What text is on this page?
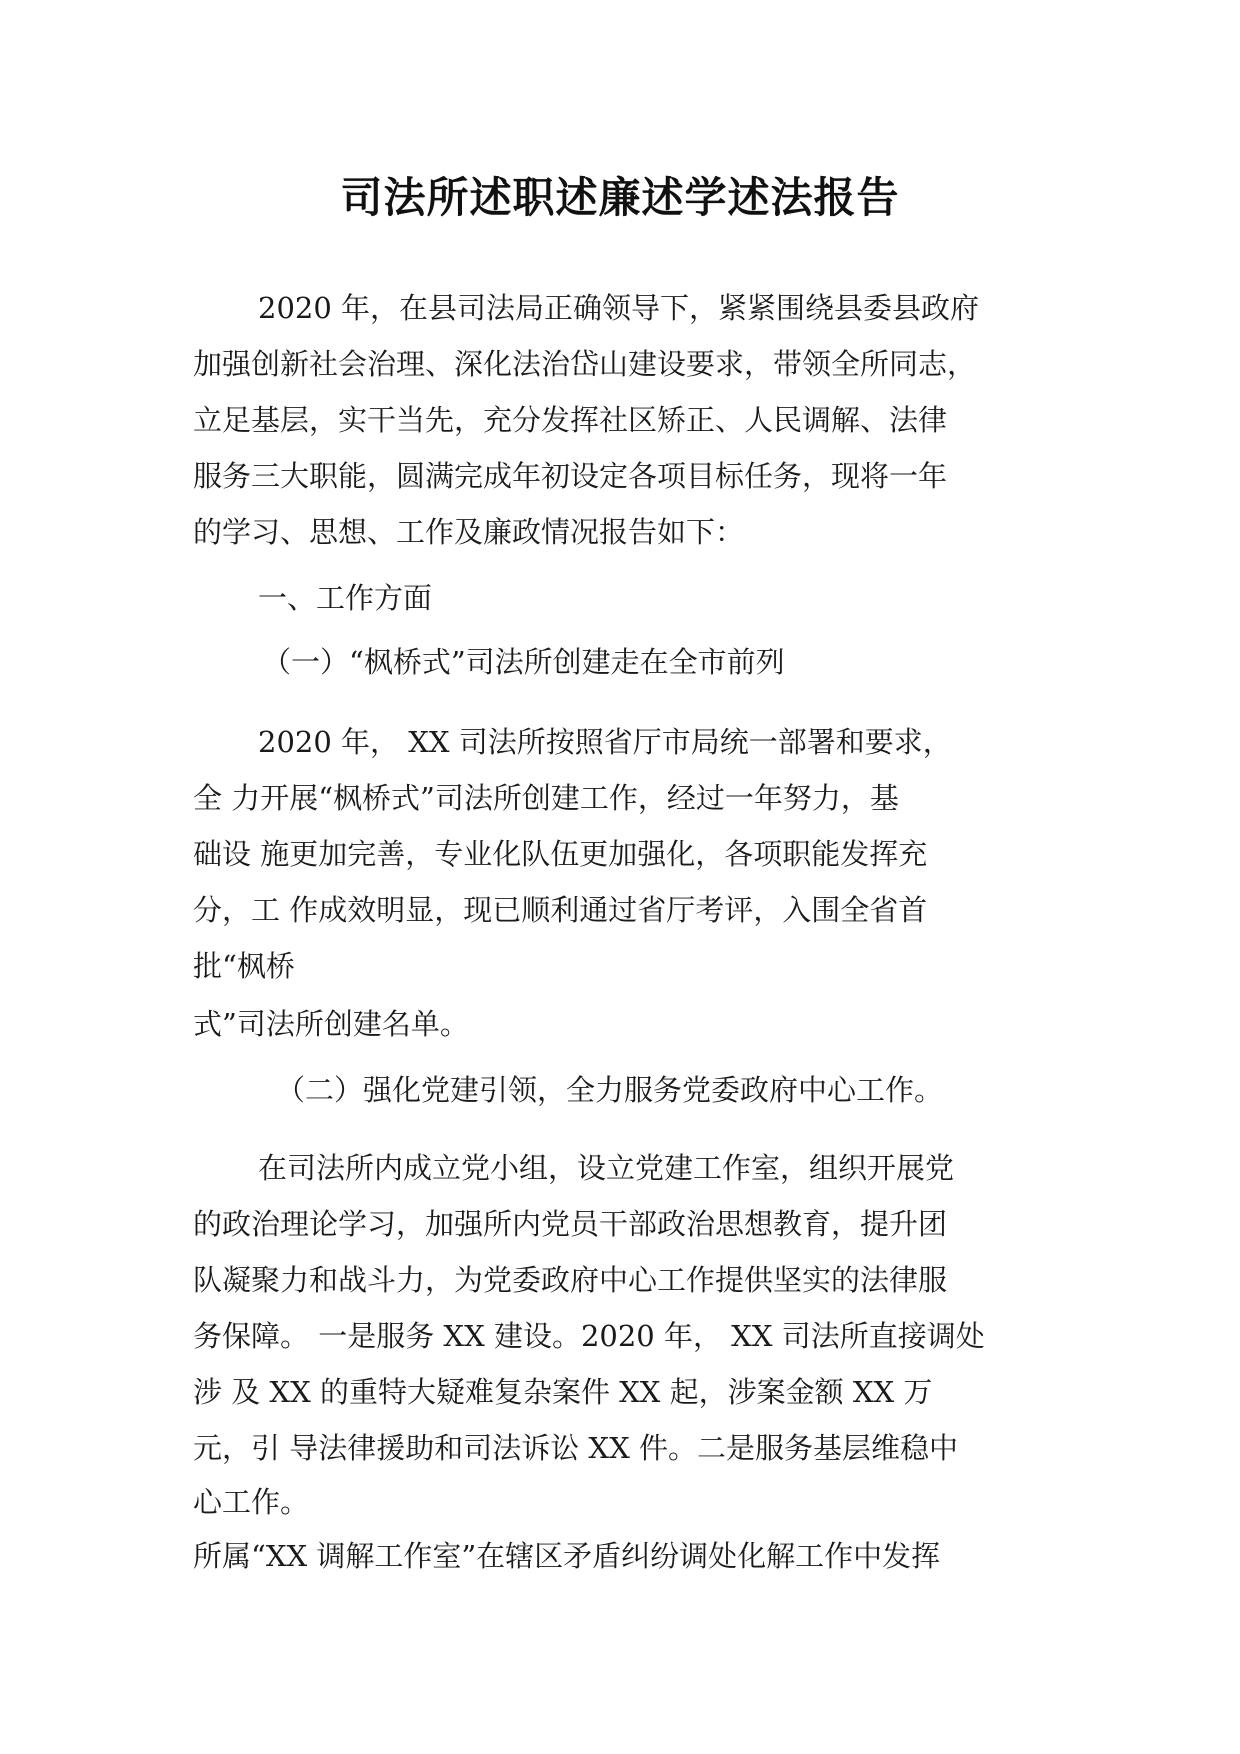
司法所述职述廉述学述法报告
2020 年，在县司法局正确领导下，紧紧围绕县委县政府
加强创新社会治理、深化法治岱山建设要求，带领全所同志，
立足基层，实干当先，充分发挥社区矫正、人民调解、法律
服务三大职能，圆满完成年初设定各项目标任务，现将一年
的学习、思想、工作及廉政情况报告如下：
一、工作方面
（一）“枫桥式”司法所创建走在全市前列
2020 年， XX 司法所按照省厅市局统一部署和要求，
全 力开展“枫桥式”司法所创建工作，经过一年努力，基
础设 施更加完善，专业化队伍更加强化，各项职能发挥充
分，工 作成效明显，现已顺利通过省厅考评，入围全省首
批“枫桥
式”司法所创建名单。
（二）强化党建引领，全力服务党委政府中心工作。
在司法所内成立党小组，设立党建工作室，组织开展党
的政治理论学习，加强所内党员干部政治思想教育，提升团
队凝聚力和战斗力，为党委政府中心工作提供坚实的法律服
务保障。 一是服务 XX 建设。2020 年， XX 司法所直接调处
涉 及 XX 的重特大疑难复杂案件 XX 起，涉案金额 XX 万
元，引 导法律援助和司法诉讼 XX 件。二是服务基层维稳中
心工作。
所属“XX 调解工作室”在辖区矛盾纠纷调处化解工作中发挥
